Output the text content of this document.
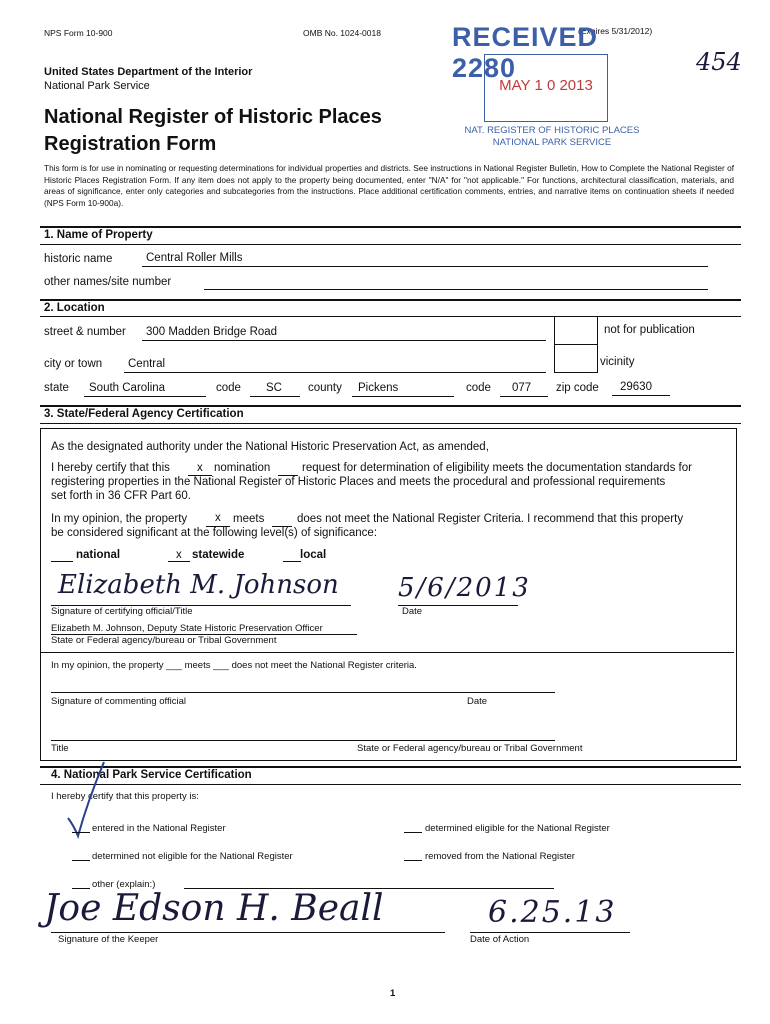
NPS Form 10-900	OMB No. 1024-0018	(Expires 5/31/2012)
454
RECEIVED 2280
MAY 1 0 2013
NAT. REGISTER OF HISTORIC PLACES
NATIONAL PARK SERVICE
United States Department of the Interior
National Park Service
National Register of Historic Places
Registration Form
This form is for use in nominating or requesting determinations for individual properties and districts. See instructions in National Register Bulletin, How to Complete the National Register of Historic Places Registration Form. If any item does not apply to the property being documented, enter "N/A" for "not applicable." For functions, architectural classification, materials, and areas of significance, enter only categories and subcategories from the instructions. Place additional certification comments, entries, and narrative items on continuation sheets if needed (NPS Form 10-900a).
1. Name of Property
historic name	Central Roller Mills
other names/site number
2. Location
street & number 300 Madden Bridge Road	not for publication
city or town Central	vicinity
state South Carolina	code SC county Pickens	code 077 zip code 29630
3. State/Federal Agency Certification
As the designated authority under the National Historic Preservation Act, as amended,
I hereby certify that this x nomination	request for determination of eligibility meets the documentation standards for
registering properties in the National Register of Historic Places and meets the procedural and professional requirements
set forth in 36 CFR Part 60.
In my opinion, the property x meets	does not meet the National Register Criteria. I recommend that this property
be considered significant at the following level(s) of significance:
national	x statewide	local
Elizabeth M. Johnson 5/6/2013
Signature of certifying official/Title	Date
Elizabeth M. Johnson, Deputy State Historic Preservation Officer
State or Federal agency/bureau or Tribal Government
In my opinion, the property ___ meets ___ does not meet the National Register criteria.
Signature of commenting official	Date
Title	State or Federal agency/bureau or Tribal Government
4. National Park Service Certification
I hereby certify that this property is:
entered in the National Register	determined eligible for the National Register
determined not eligible for the National Register	removed from the National Register
other (explain:)
Joe Edson H. Beall	6.25.13
Signature of the Keeper	Date of Action
1
